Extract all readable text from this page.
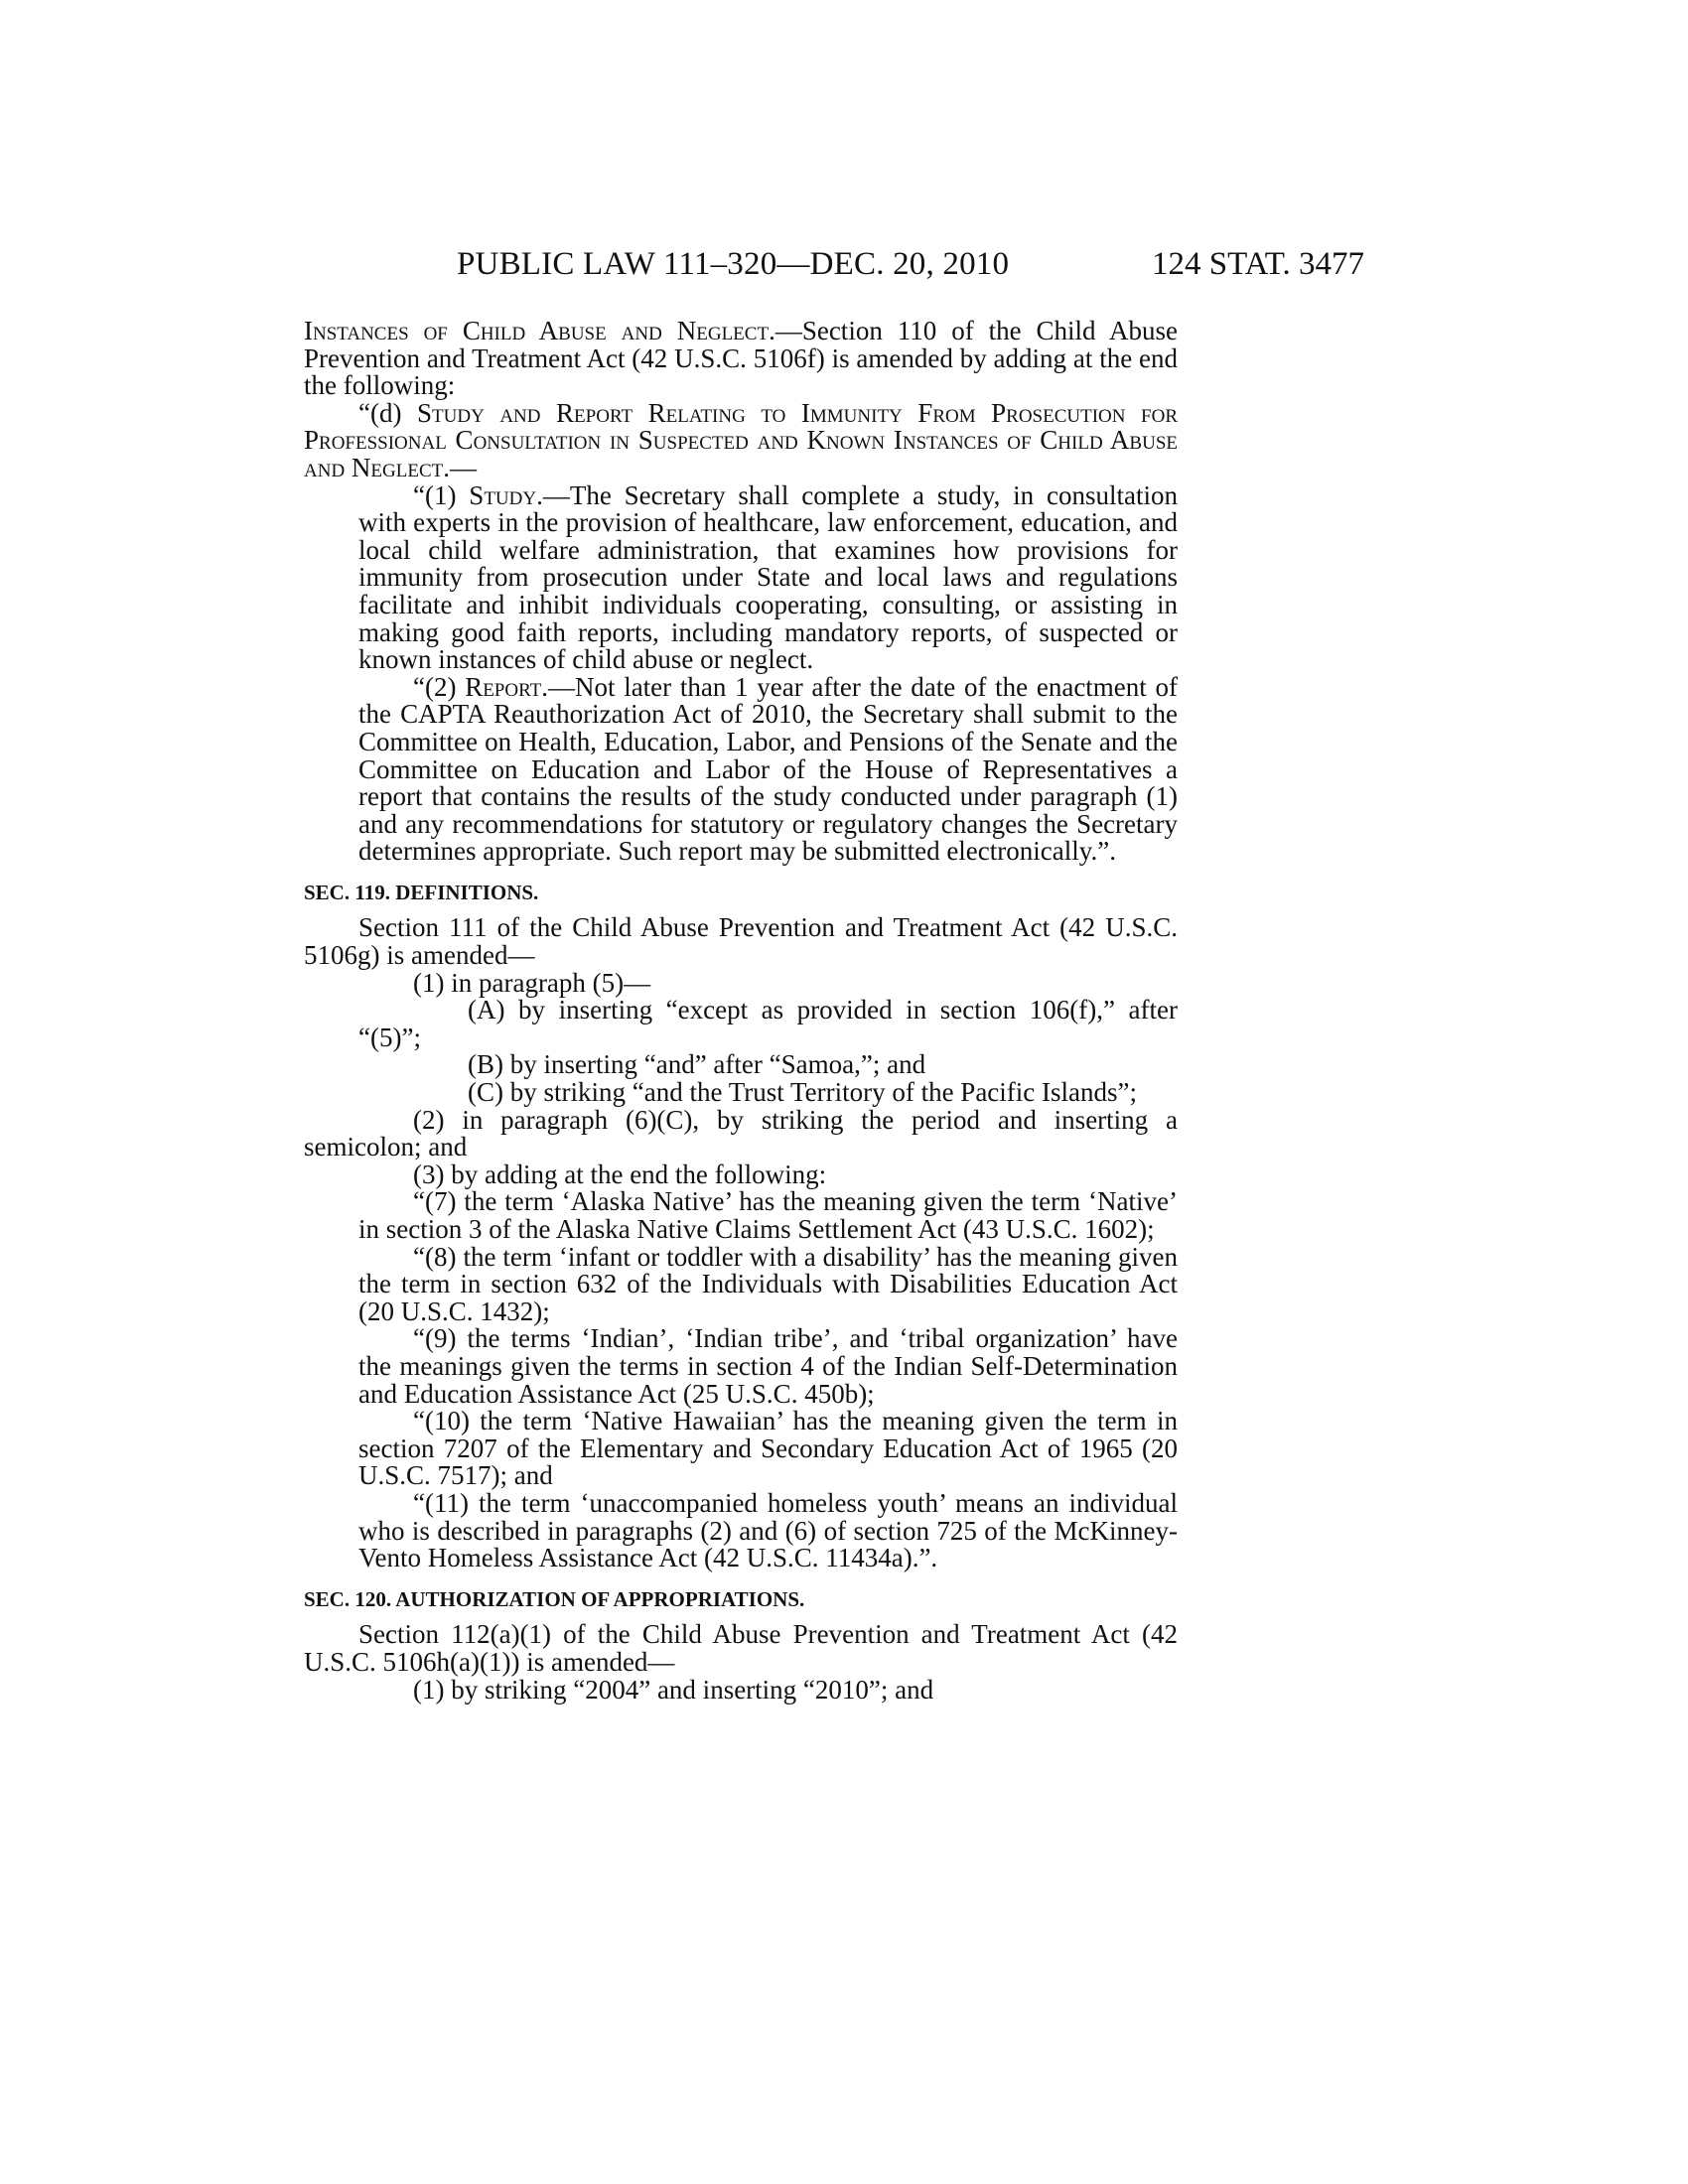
PUBLIC LAW 111–320—DEC. 20, 2010	124 STAT. 3477

Instances of Child Abuse and Neglect.—Section 110 of the Child Abuse Prevention and Treatment Act (42 U.S.C. 5106f) is amended by adding at the end the following:

“(d) Study and Report Relating to Immunity From Prosecution for Professional Consultation in Suspected and Known Instances of Child Abuse and Neglect.—

“(1) Study.—The Secretary shall complete a study, in consultation with experts in the provision of healthcare, law enforcement, education, and local child welfare administration, that examines how provisions for immunity from prosecution under State and local laws and regulations facilitate and inhibit individuals cooperating, consulting, or assisting in making good faith reports, including mandatory reports, of suspected or known instances of child abuse or neglect.

“(2) Report.—Not later than 1 year after the date of the enactment of the CAPTA Reauthorization Act of 2010, the Secretary shall submit to the Committee on Health, Education, Labor, and Pensions of the Senate and the Committee on Education and Labor of the House of Representatives a report that contains the results of the study conducted under paragraph (1) and any recommendations for statutory or regulatory changes the Secretary determines appropriate. Such report may be submitted electronically.”.

SEC. 119. DEFINITIONS.

Section 111 of the Child Abuse Prevention and Treatment Act (42 U.S.C. 5106g) is amended—

(1) in paragraph (5)—

(A) by inserting “except as provided in section 106(f),” after “(5)”;

(B) by inserting “and” after “Samoa,”; and

(C) by striking “and the Trust Territory of the Pacific Islands”;

(2) in paragraph (6)(C), by striking the period and inserting a semicolon; and

(3) by adding at the end the following:

“(7) the term ‘Alaska Native’ has the meaning given the term ‘Native’ in section 3 of the Alaska Native Claims Settlement Act (43 U.S.C. 1602);

“(8) the term ‘infant or toddler with a disability’ has the meaning given the term in section 632 of the Individuals with Disabilities Education Act (20 U.S.C. 1432);

“(9) the terms ‘Indian’, ‘Indian tribe’, and ‘tribal organization’ have the meanings given the terms in section 4 of the Indian Self-Determination and Education Assistance Act (25 U.S.C. 450b);

“(10) the term ‘Native Hawaiian’ has the meaning given the term in section 7207 of the Elementary and Secondary Education Act of 1965 (20 U.S.C. 7517); and

“(11) the term ‘unaccompanied homeless youth’ means an individual who is described in paragraphs (2) and (6) of section 725 of the McKinney-Vento Homeless Assistance Act (42 U.S.C. 11434a).”.

SEC. 120. AUTHORIZATION OF APPROPRIATIONS.

Section 112(a)(1) of the Child Abuse Prevention and Treatment Act (42 U.S.C. 5106h(a)(1)) is amended—

(1) by striking “2004” and inserting “2010”; and
